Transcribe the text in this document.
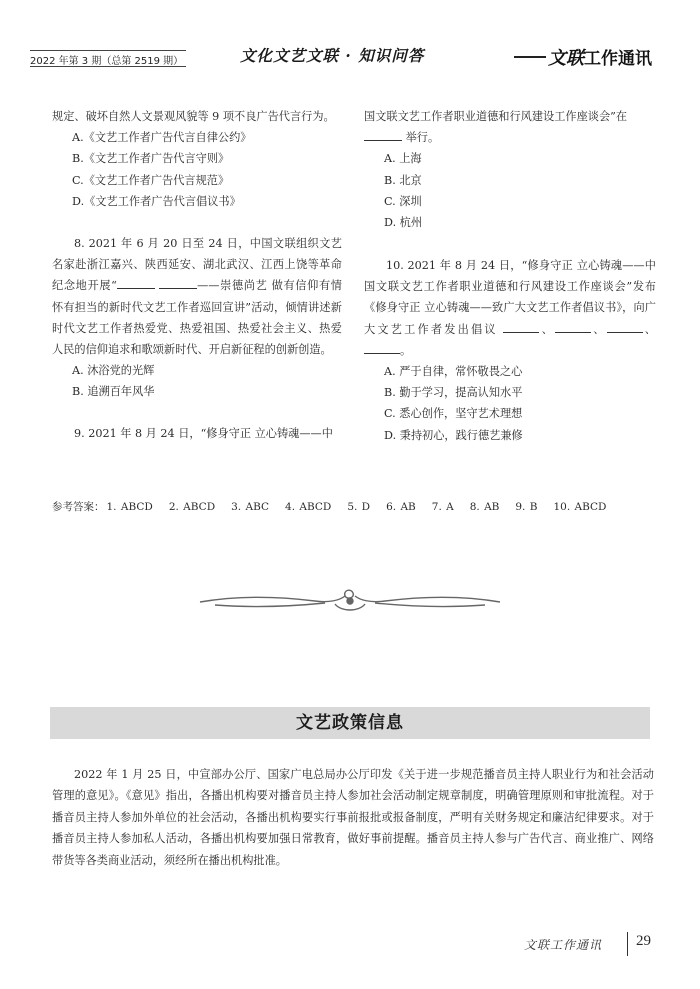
2022 年第 3 期（总第 2519 期）	文化文艺文联 · 知识问答	文联工作通讯

规定、破坏自然人文景观风貌等 9 项不良广告代言行为。

A.《文艺工作者广告代言自律公约》

B.《文艺工作者广告代言守则》

C.《文艺工作者广告代言规范》

D.《文艺工作者广告代言倡议书》

8. 2021 年 6 月 20 日至 24 日，中国文联组织文艺名家赴浙江嘉兴、陕西延安、湖北武汉、江西上饶等革命纪念地开展“	——崇德尚艺 做有信仰有情怀有担当的新时代文艺工作者巡回宣讲”活动，倾情讲述新时代文艺工作者热爱党、热爱祖国、热爱社会主义、热爱人民的信仰追求和歌颂新时代、开启新征程的创新创造。

A. 沐浴党的光辉

B. 追溯百年风华

9. 2021 年 8 月 24 日，“修身守正 立心铸魂——中

国文联文艺工作者职业道德和行风建设工作座谈会”在

举行。

A. 上海

B. 北京

C. 深圳

D. 杭州

10. 2021 年 8 月 24 日，“修身守正 立心铸魂——中国文联文艺工作者职业道德和行风建设工作座谈会”发布《修身守正 立心铸魂——致广大文艺工作者倡议书》，向广大文艺工作者发出倡议	、	、	、。

A. 严于自律，常怀敬畏之心

B. 勤于学习，提高认知水平

C. 悉心创作，坚守艺术理想

D. 秉持初心，践行德艺兼修

参考答案： 1. ABCD 2. ABCD 3. ABC 4. ABCD 5. D 6. AB 7. A 8. AB 9. B 10. ABCD
文艺政策信息
2022 年 1 月 25 日，中宣部办公厅、国家广电总局办公厅印发《关于进一步规范播音员主持人职业行为和社会活动管理的意见》。《意见》指出，各播出机构要对播音员主持人参加社会活动制定规章制度，明确管理原则和审批流程。对于播音员主持人参加外单位的社会活动，各播出机构要实行事前报批或报备制度，严明有关财务规定和廉洁纪律要求。对于播音员主持人参加私人活动，各播出机构要加强日常教育，做好事前提醒。播音员主持人参与广告代言、商业推广、网络带货等各类商业活动，须经所在播出机构批准。
文联工作通讯 29
